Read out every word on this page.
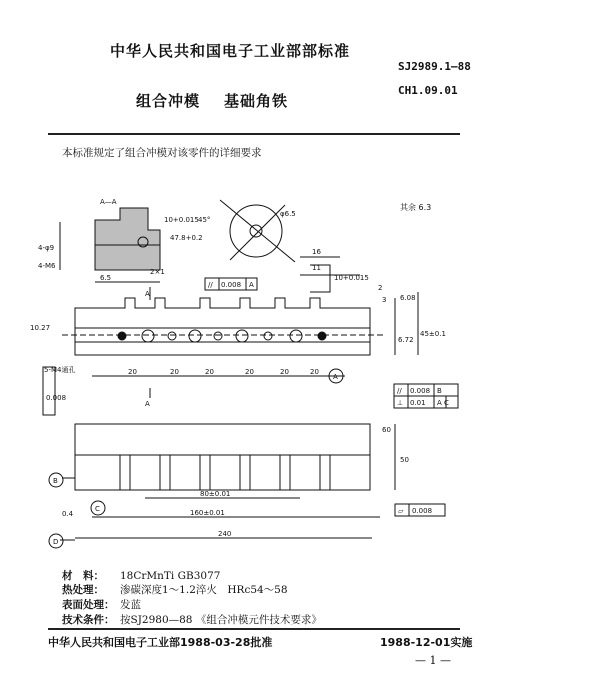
中华人民共和国电子工业部部标准
SJ2989.1—88
CH1.09.01
组合冲模 基础角铁
本标准规定了组合冲模对该零件的详细要求
A—A
其余 6.3
45°
φ6.5
10+0.015
47.8+0.2
4-φ9
4-M6
6.5
2×1
16
11
10+0.015
2
3 6.08
6.72
45±0.1
10.27
5-M4通孔	20	20	20	20	20	20
60
50
80±0.01
160±0.01
240
0.4
// 0.008 A
0.008
// 0.008 B
⊥ 0.01 A C
⏥ 0.008
A
B
C
D
A
A
材　料： 18CrMnTi GB3077
热处理： 渗碳深度1～1.2淬火　HRc54～58
表面处理： 发蓝
技术条件： 按SJ2980—88 《组合冲模元件技术要求》
中华人民共和国电子工业部1988-03-28批准	1988-12-01实施
— 1 —
